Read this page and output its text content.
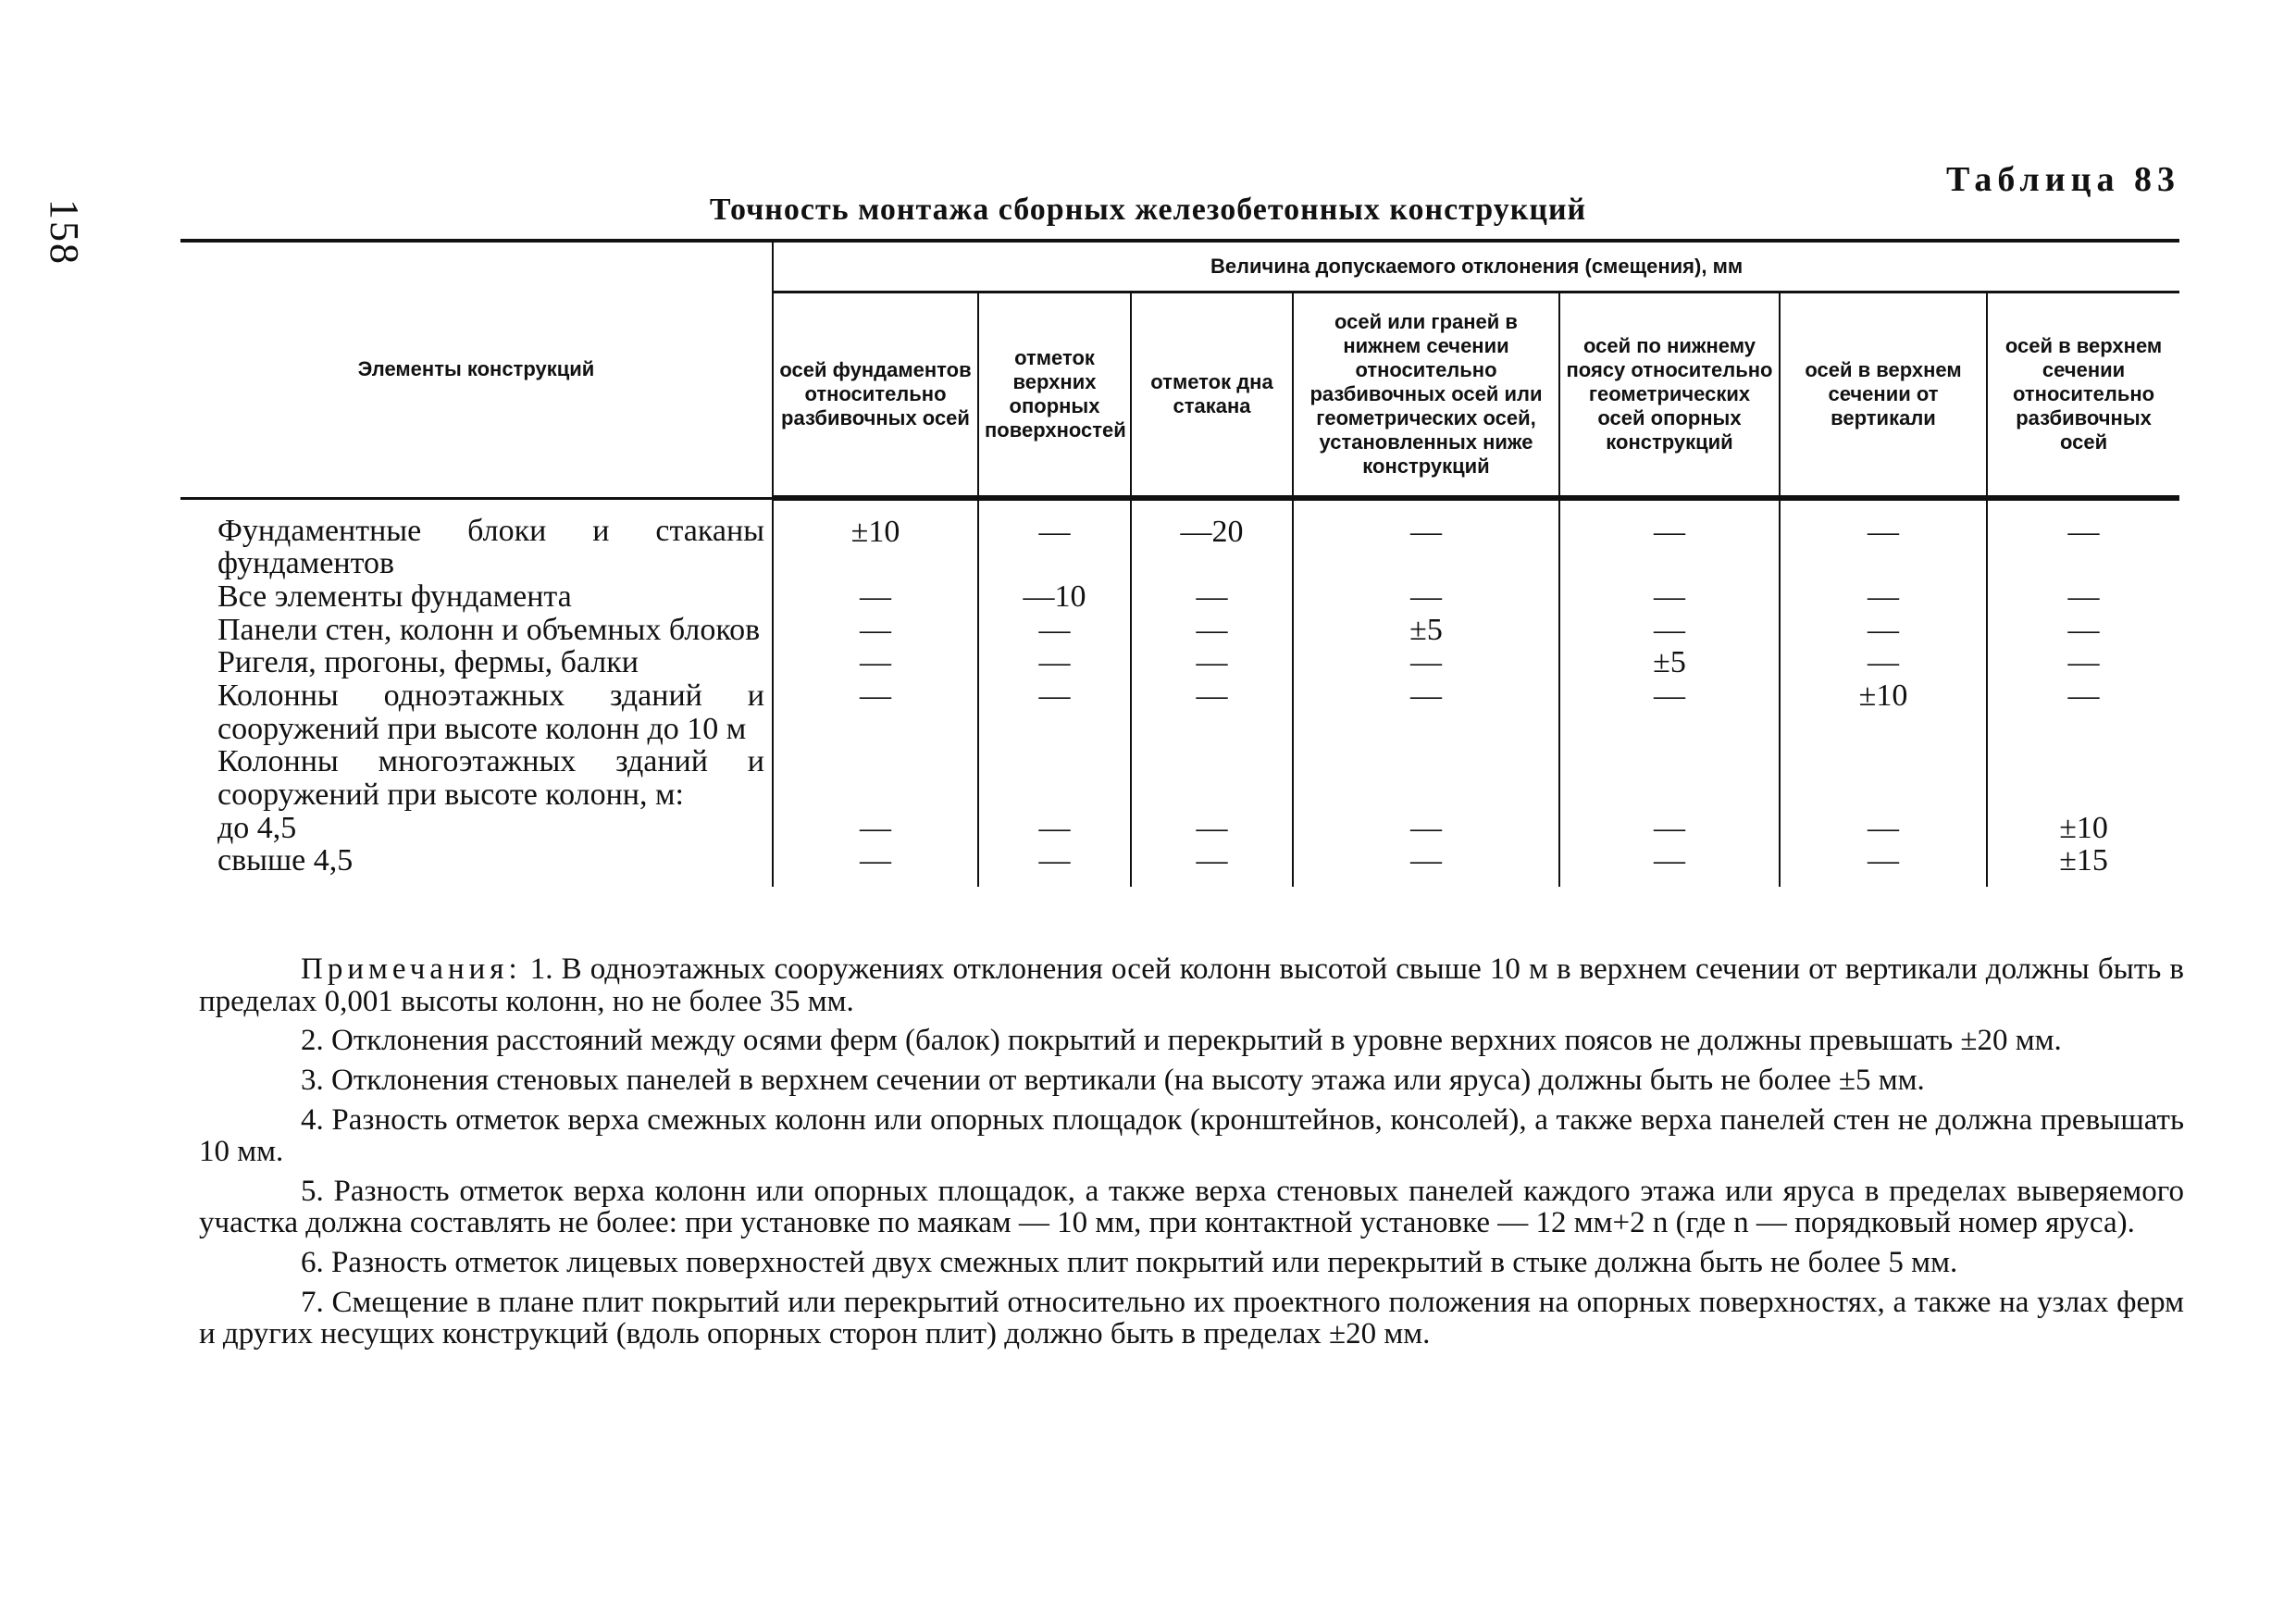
158
Таблица 83
Точность монтажа сборных железобетонных конструкций
Элементы конструкций	Величина допускаемого отклонения (смещения), мм						
	осей фундаментов относительно разбивочных осей	отметок верхних опорных поверхностей	отметок дна стакана	осей или граней в нижнем сечении относительно разбивочных осей или геометрических осей, установленных ниже конструкций	осей по нижнему поясу относительно геометрических осей опорных конструкций	осей в верхнем сечении от вертикали	осей в верхнем сечении относительно разбивочных осей
Фундаментные блоки и стаканы фундаментов	±10	—	—20	—	—	—	—
Все элементы фундамента	—	—10	—	—	—	—	—
Панели стен, колонн и объемных блоков	—	—	—	±5	—	—	—
Ригеля, прогоны, фермы, балки	—	—	—	—	±5	—	—
Колонны одноэтажных зданий и сооружений при высоте колонн до 10 м	—	—	—	—	—	±10	—
Колонны многоэтажных зданий и сооружений при высоте колонн, м:							
до 4,5	—	—	—	—	—	—	±10
свыше 4,5	—	—	—	—	—	—	±15

Примечания: 1. В одноэтажных сооружениях отклонения осей колонн высотой свыше 10 м в верхнем сечении от вертикали должны быть в пределах 0,001 высоты колонн, но не более 35 мм.

2. Отклонения расстояний между осями ферм (балок) покрытий и перекрытий в уровне верхних поясов не должны превышать ±20 мм.

3. Отклонения стеновых панелей в верхнем сечении от вертикали (на высоту этажа или яруса) должны быть не более ±5 мм.

4. Разность отметок верха смежных колонн или опорных площадок (кронштейнов, консолей), а также верха панелей стен не должна превышать 10 мм.

5. Разность отметок верха колонн или опорных площадок, а также верха стеновых панелей каждого этажа или яруса в пределах выверяемого участка должна составлять не более: при установке по маякам — 10 мм, при контактной установке — 12 мм+2 n (где n — порядковый номер яруса).

6. Разность отметок лицевых поверхностей двух смежных плит покрытий или перекрытий в стыке должна быть не более 5 мм.

7. Смещение в плане плит покрытий или перекрытий относительно их проектного положения на опорных поверхностях, а также на узлах ферм и других несущих конструкций (вдоль опорных сторон плит) должно быть в пределах ±20 мм.
